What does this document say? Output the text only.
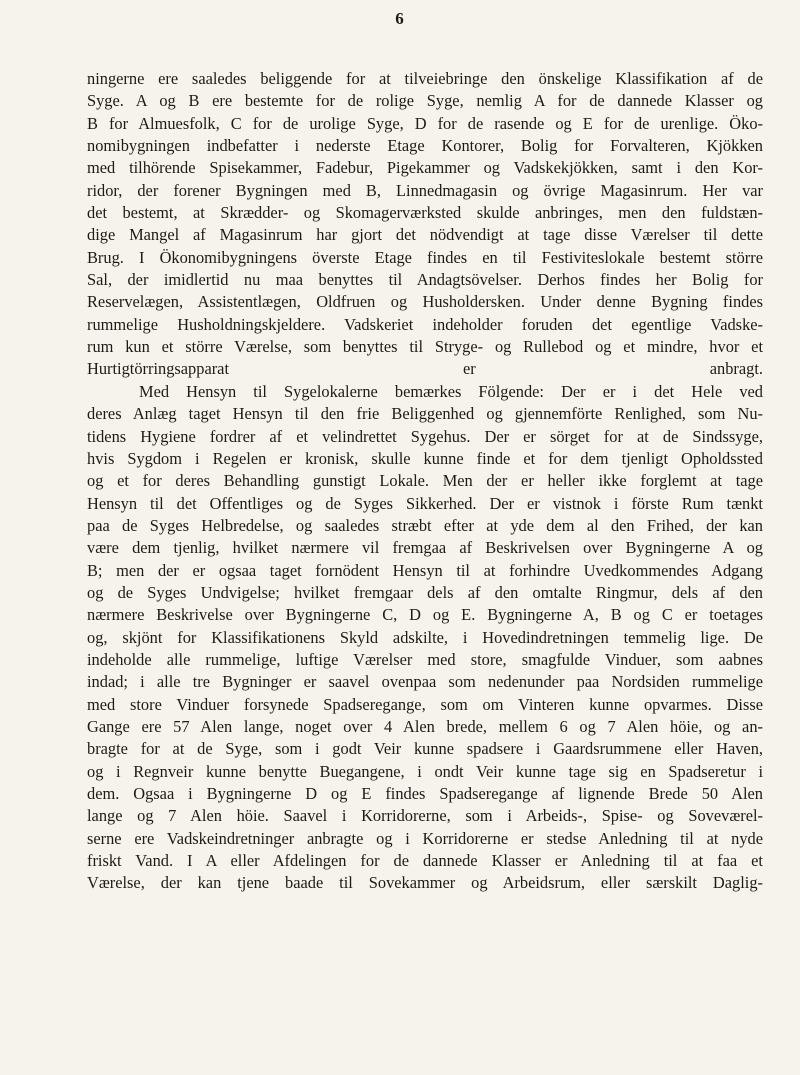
6
ningerne ere saaledes beliggende for at tilveiebringe den önskelige Klassifikation af de
Syge. A og B ere bestemte for de rolige Syge, nemlig A for de dannede Klasser og
B for Almuesfolk, C for de urolige Syge, D for de rasende og E for de urenlige. Öko-
nomibygningen indbefatter i nederste Etage Kontorer, Bolig for Forvalteren, Kjökken
med tilhörende Spisekammer, Fadebur, Pigekammer og Vadskekjökken, samt i den Kor-
ridor, der forener Bygningen med B, Linnedmagasin og övrige Magasinrum. Her var
det bestemt, at Skrædder- og Skomagerværksted skulde anbringes, men den fuldstæn-
dige Mangel af Magasinrum har gjort det nödvendigt at tage disse Værelser til dette
Brug. I Ökonomibygningens överste Etage findes en til Festiviteslokale bestemt större
Sal, der imidlertid nu maa benyttes til Andagtsövelser. Derhos findes her Bolig for
Reservelægen, Assistentlægen, Oldfruen og Husholdersken. Under denne Bygning findes
rummelige Husholdningskjeldere. Vadskeriet indeholder foruden det egentlige Vadske-
rum kun et större Værelse, som benyttes til Stryge- og Rullebod og et mindre, hvor et
Hurtigtörringsapparat er anbragt.
Med Hensyn til Sygelokalerne bemærkes Fölgende: Der er i det Hele ved
deres Anlæg taget Hensyn til den frie Beliggenhed og gjennemförte Renlighed, som Nu-
tidens Hygiene fordrer af et velindrettet Sygehus. Der er sörget for at de Sindssyge,
hvis Sygdom i Regelen er kronisk, skulle kunne finde et for dem tjenligt Opholdssted
og et for deres Behandling gunstigt Lokale. Men der er heller ikke forglemt at tage
Hensyn til det Offentliges og de Syges Sikkerhed. Der er vistnok i förste Rum tænkt
paa de Syges Helbredelse, og saaledes stræbt efter at yde dem al den Frihed, der kan
være dem tjenlig, hvilket nærmere vil fremgaa af Beskrivelsen over Bygningerne A og
B; men der er ogsaa taget fornödent Hensyn til at forhindre Uvedkommendes Adgang
og de Syges Undvigelse; hvilket fremgaar dels af den omtalte Ringmur, dels af den
nærmere Beskrivelse over Bygningerne C, D og E. Bygningerne A, B og C er toetages
og, skjönt for Klassifikationens Skyld adskilte, i Hovedindretningen temmelig lige. De
indeholde alle rummelige, luftige Værelser med store, smagfulde Vinduer, som aabnes
indad; i alle tre Bygninger er saavel ovenpaa som nedenunder paa Nordsiden rummelige
med store Vinduer forsynede Spadseregange, som om Vinteren kunne opvarmes. Disse
Gange ere 57 Alen lange, noget over 4 Alen brede, mellem 6 og 7 Alen höie, og an-
bragte for at de Syge, som i godt Veir kunne spadsere i Gaardsrummene eller Haven,
og i Regnveir kunne benytte Buegangene, i ondt Veir kunne tage sig en Spadseretur i
dem. Ogsaa i Bygningerne D og E findes Spadseregange af lignende Brede 50 Alen
lange og 7 Alen höie. Saavel i Korridorerne, som i Arbeids-, Spise- og Soveværel-
serne ere Vadskeindretninger anbragte og i Korridorerne er stedse Anledning til at nyde
friskt Vand. I A eller Afdelingen for de dannede Klasser er Anledning til at faa et
Værelse, der kan tjene baade til Sovekammer og Arbeidsrum, eller særskilt Daglig-
